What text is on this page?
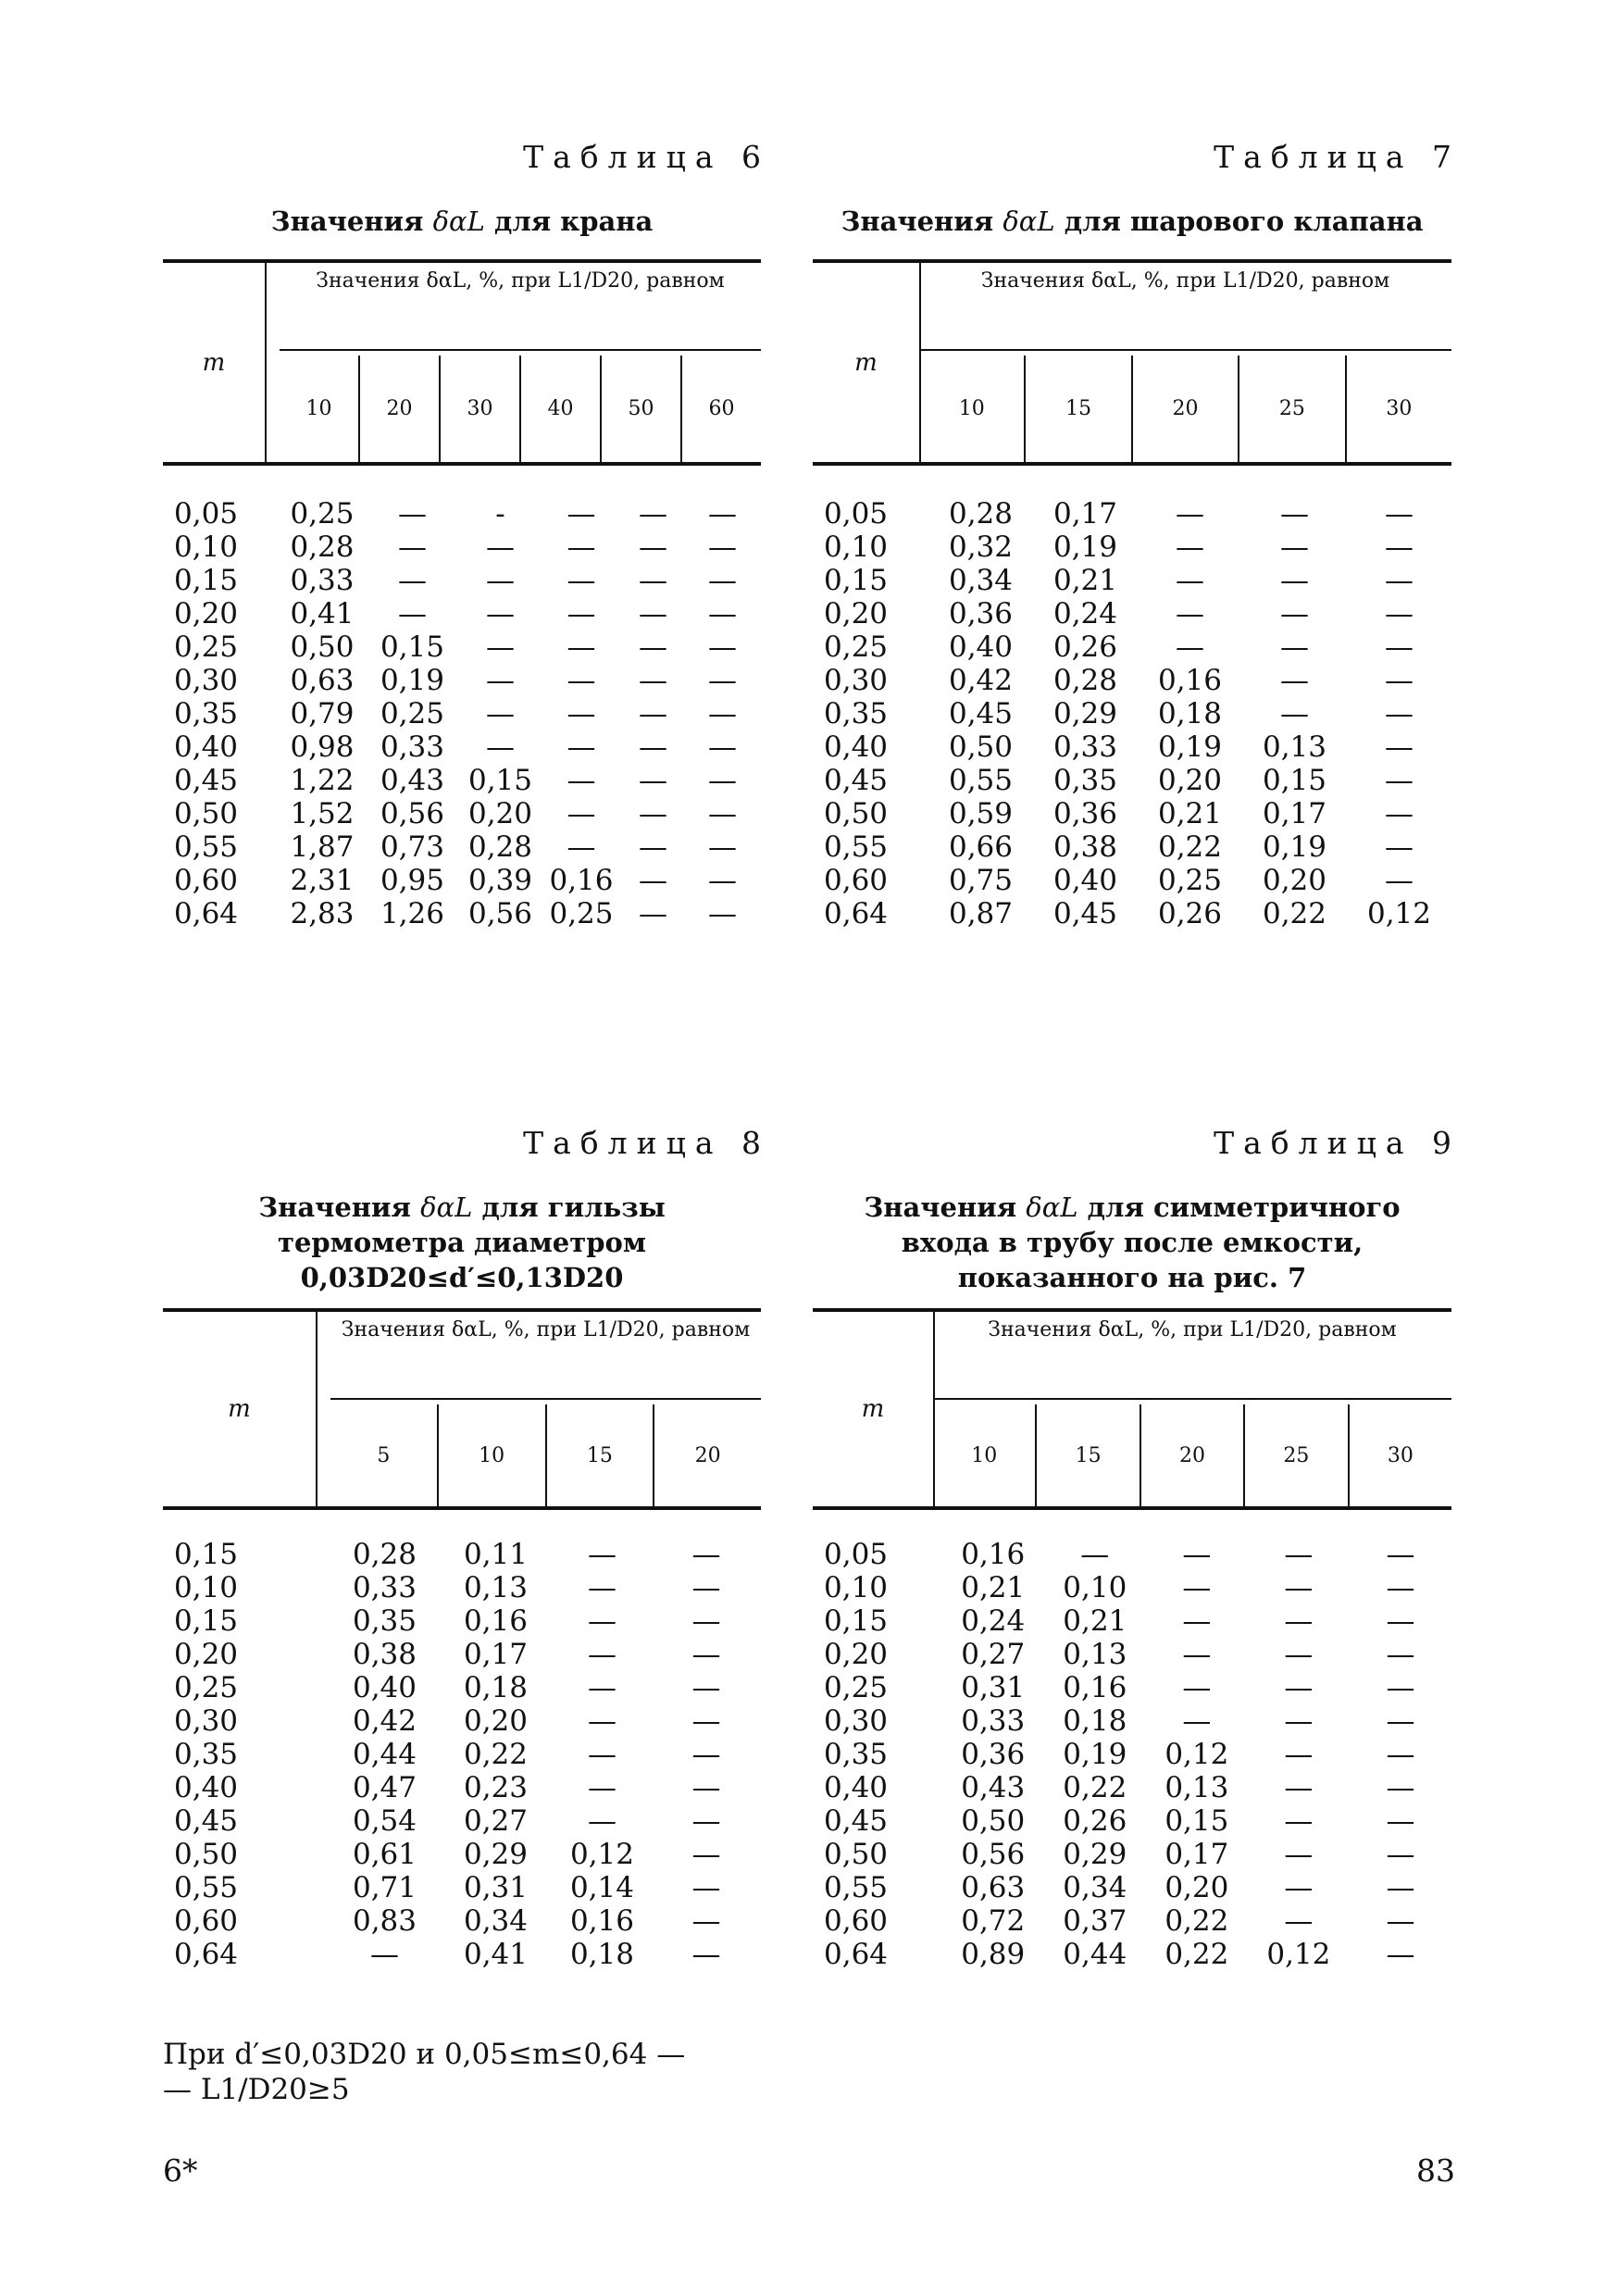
Таблица 6
Значения δαL для крана
m
Значения δαL, %, при L1/D20, равном
10	20	30	40	50	60
0,05	0,25	—	-	—	—	—
0,10	0,28	—	—	—	—	—
0,15	0,33	—	—	—	—	—
0,20	0,41	—	—	—	—	—
0,25	0,50 0,15	—	—	—	—
0,30	0,63 0,19	—	—	—	—
0,35	0,79 0,25	—	—	—	—
0,40	0,98 0,33	—	—	—	—
0,45	1,22 0,43 0,15	—	—	—
0,50	1,52 0,56 0,20	—	—	—
0,55	1,87 0,73 0,28	—	—	—
0,60	2,31 0,95 0,39 0,16 —	—
0,64	2,83 1,26 0,56 0,25 —	—
Таблица 7
Значения δαL для шарового клапана
m
Значения δαL, %, при L1/D20, равном
10	15	20	25	30
0,05	0,28	0,17	—	—	—
0,10	0,32	0,19	—	—	—
0,15	0,34	0,21	—	—	—
0,20	0,36	0,24	—	—	—
0,25	0,40	0,26	—	—	—
0,30	0,42	0,28	0,16	—	—
0,35	0,45	0,29	0,18	—	—
0,40	0,50	0,33	0,19	0,13	—
0,45	0,55	0,35	0,20	0,15	—
0,50	0,59	0,36	0,21	0,17	—
0,55	0,66	0,38	0,22	0,19	—
0,60	0,75	0,40	0,25	0,20	—
0,64	0,87	0,45	0,26	0,22	0,12
Таблица 8
Значения δαL для гильзы
термометра диаметром
0,03D20≤d′≤0,13D20
m
Значения δαL, %, при L1/D20, равном
5	10	15	20
0,15	0,28	0,11	—	—
0,10	0,33	0,13	—	—
0,15	0,35	0,16	—	—
0,20	0,38	0,17	—	—
0,25	0,40	0,18	—	—
0,30	0,42	0,20	—	—
0,35	0,44	0,22	—	—
0,40	0,47	0,23	—	—
0,45	0,54	0,27	—	—
0,50	0,61	0,29	0,12	—
0,55	0,71	0,31	0,14	—
0,60	0,83	0,34	0,16	—
0,64	—	0,41	0,18	—
Таблица 9
Значения δαL для симметричного
входа в трубу после емкости,
показанного на рис. 7
m
Значения δαL, %, при L1/D20, равном
10	15	20	25	30
0,05	0,16	—	—	—	—
0,10	0,21	0,10	—	—	—
0,15	0,24	0,21	—	—	—
0,20	0,27	0,13	—	—	—
0,25	0,31	0,16	—	—	—
0,30	0,33	0,18	—	—	—
0,35	0,36	0,19	0,12	—	—
0,40	0,43	0,22	0,13	—	—
0,45	0,50	0,26	0,15	—	—
0,50	0,56	0,29	0,17	—	—
0,55	0,63	0,34	0,20	—	—
0,60	0,72	0,37	0,22	—	—
0,64	0,89	0,44	0,22	0,12	—
При d′≤0,03D20 и 0,05≤m≤0,64 —
— L1/D20≥5
6*	83
